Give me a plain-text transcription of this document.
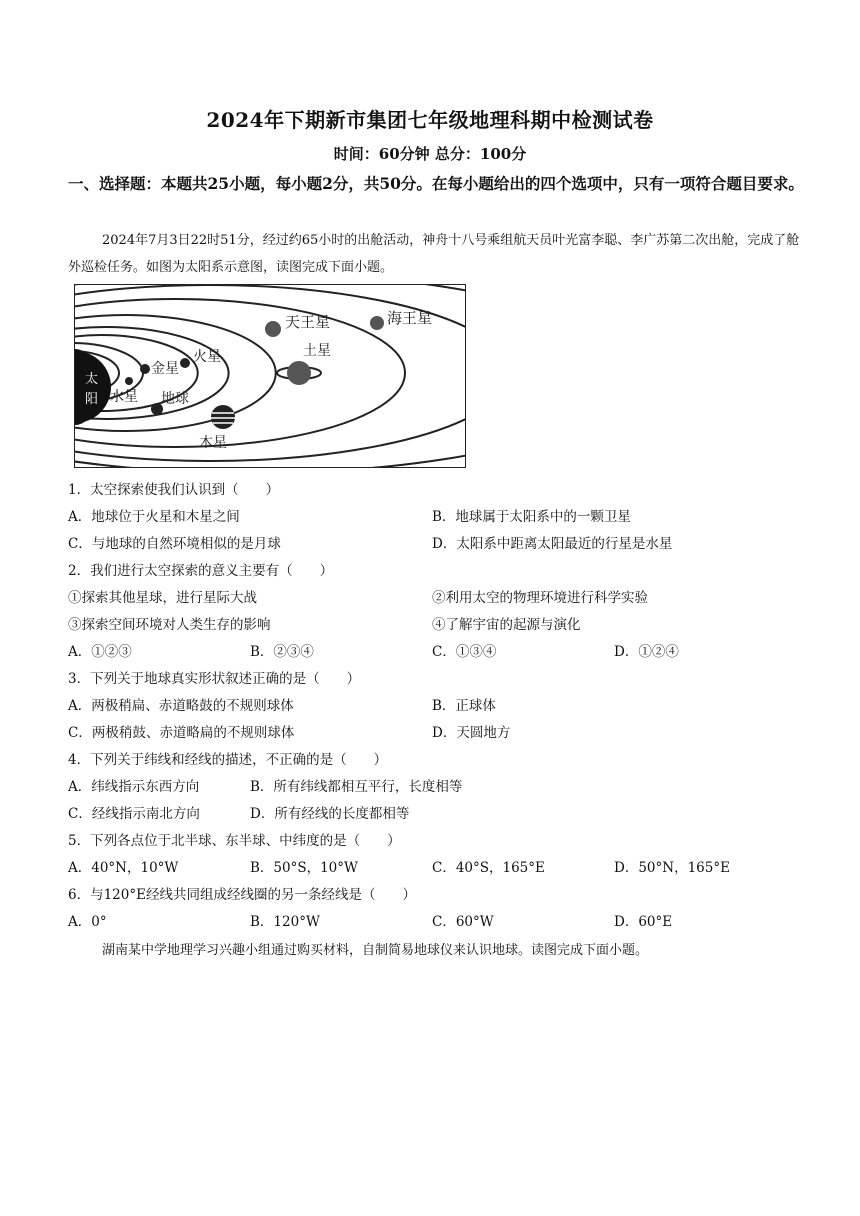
2024年下期新市集团七年级地理科期中检测试卷
时间：60分钟 总分：100分
一、选择题：本题共25小题，每小题2分，共50分。在每小题给出的四个选项中，只有一项符合题目要求。
2024年7月3日22时51分，经过约65小时的出舱活动，神舟十八号乘组航天员叶光富李聪、李广苏第二次出舱，完成了舱外巡检任务。如图为太阳系示意图，读图完成下面小题。
太
阳 水星
金星
地球
火星
木星
土星
天王星	海王星
1．太空探索使我们认识到（　　）
A．地球位于火星和木星之间	B．地球属于太阳系中的一颗卫星
C．与地球的自然环境相似的是月球	D．太阳系中距离太阳最近的行星是水星
2．我们进行太空探索的意义主要有（　　）
①探索其他星球，进行星际大战	②利用太空的物理环境进行科学实验
③探索空间环境对人类生存的影响	④了解宇宙的起源与演化
A．①②③	B．②③④	C．①③④	D．①②④
3．下列关于地球真实形状叙述正确的是（　　）
A．两极稍扁、赤道略鼓的不规则球体	B．正球体
C．两极稍鼓、赤道略扁的不规则球体	D．天圆地方
4．下列关于纬线和经线的描述，不正确的是（　　）
A．纬线指示东西方向	B．所有纬线都相互平行，长度相等
C．经线指示南北方向	D．所有经线的长度都相等
5．下列各点位于北半球、东半球、中纬度的是（　　）
A．40°N，10°W	B．50°S，10°W	C．40°S，165°E	D．50°N，165°E
6．与120°E经线共同组成经线圈的另一条经线是（　　）
A．0°	B．120°W	C．60°W	D．60°E
湖南某中学地理学习兴趣小组通过购买材料，自制简易地球仪来认识地球。读图完成下面小题。
